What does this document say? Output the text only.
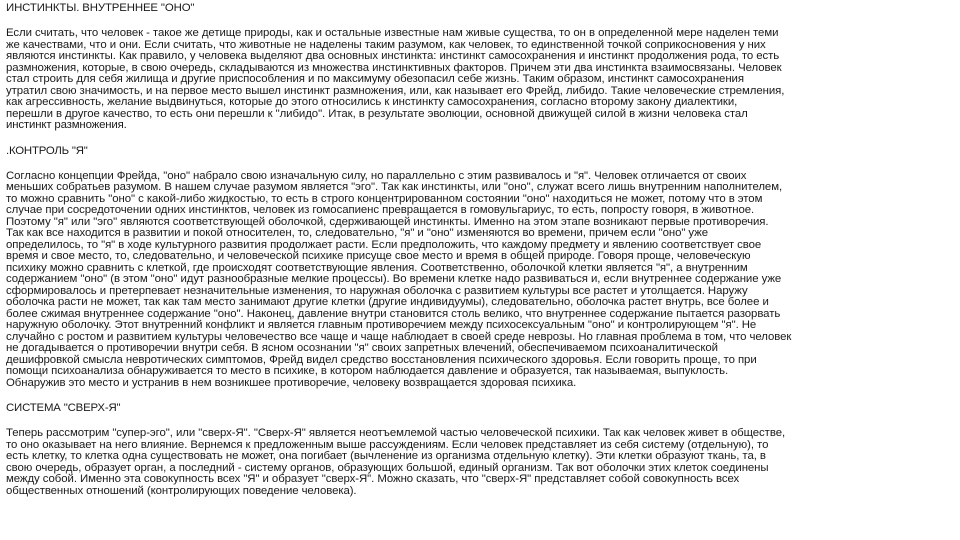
ИНСТИНКТЫ. ВНУТРЕННЕЕ "ОНО"

Если считать, что человек - такое же детище природы, как и остальные известные нам живые существа, то он в определенной мере наделен теми
же качествами, что и они. Если считать, что животные не наделены таким разумом, как человек, то единственной точкой соприкосновения у них
являются инстинкты. Как правило, у человека выделяют два основных инстинкта: инстинкт самосохранения и инстинкт продолжения рода, то есть
размножения, которые, в свою очередь, складываются из множества инстинктивных факторов. Причем эти два инстинкта взаимосвязаны. Человек
стал строить для себя жилища и другие приспособления и по максимуму обезопасил себе жизнь. Таким образом, инстинкт самосохранения
утратил свою значимость, и на первое место вышел инстинкт размножения, или, как называет его Фрейд, либидо. Такие человеческие стремления,
как агрессивность, желание выдвинуться, которые до этого относились к инстинкту самосохранения, согласно второму закону диалектики,
перешли в другое качество, то есть они перешли к "либидо". Итак, в результате эволюции, основной движущей силой в жизни человека стал
инстинкт размножения.

.КОНТРОЛЬ "Я"

Согласно концепции Фрейда, "оно" набрало свою изначальную силу, но параллельно с этим развивалось и "я". Человек отличается от своих
меньших собратьев разумом. В нашем случае разумом является "эго". Так как инстинкты, или "оно", служат всего лишь внутренним наполнителем,
то можно сравнить "оно" с какой-либо жидкостью, то есть в строго концентрированном состоянии "оно" находиться не может, потому что в этом
случае при сосредоточении одних инстинктов, человек из гомосапиенс превращается в гомовульгариус, то есть, попросту говоря, в животное.
Поэтому "я" или "эго" являются соответствующей оболочкой, сдерживающей инстинкты. Именно на этом этапе возникают первые противоречия.
Так как все находится в развитии и покой относителен, то, следовательно, "я" и "оно" изменяются во времени, причем если "оно" уже
определилось, то "я" в ходе культурного развития продолжает расти. Если предположить, что каждому предмету и явлению соответствует свое
время и свое место, то, следовательно, и человеческой психике присуще свое место и время в общей природе. Говоря проще, человеческую
психику можно сравнить с клеткой, где происходят соответствующие явления. Соответственно, оболочкой клетки является "я", а внутренним
содержанием "оно" (в этом "оно" идут разнообразные мелкие процессы). Во времени клетке надо развиваться и, если внутреннее содержание уже
сформировалось и претерпевает незначительные изменения, то наружная оболочка с развитием культуры все растет и утолщается. Наружу
оболочка расти не может, так как там место занимают другие клетки (другие индивидуумы), следовательно, оболочка растет внутрь, все более и
более сжимая внутреннее содержание "оно". Наконец, давление внутри становится столь велико, что внутреннее содержание пытается разорвать
наружную оболочку. Этот внутренний конфликт и является главным противоречием между психосексуальным "оно" и контролирующем "я". Не
случайно с ростом и развитием культуры человечество все чаще и чаще наблюдает в своей среде неврозы. Но главная проблема в том, что человек
не догадывается о противоречии внутри себя. В ясном осознании "я" своих запретных влечений, обеспечиваемом психоаналитической
дешифровкой смысла невротических симптомов, Фрейд видел средство восстановления психического здоровья. Если говорить проще, то при
помощи психоанализа обнаруживается то место в психике, в котором наблюдается давление и образуется, так называемая, выпуклость.
Обнаружив это место и устранив в нем возникшее противоречие, человеку возвращается здоровая психика.

СИСТЕМА "СВЕРХ-Я"

Теперь рассмотрим "супер-эго", или "сверх-Я". "Сверх-Я" является неотъемлемой частью человеческой психики. Так как человек живет в обществе,
то оно оказывает на него влияние. Вернемся к предложенным выше рассуждениям. Если человек представляет из себя систему (отдельную), то
есть клетку, то клетка одна существовать не может, она погибает (вычленение из организма отдельную клетку). Эти клетки образуют ткань, та, в
свою очередь, образует орган, а последний - систему органов, образующих большой, единый организм. Так вот оболочки этих клеток соединены
между собой. Именно эта совокупность всех "Я" и образует "сверх-Я". Можно сказать, что "сверх-Я" представляет собой совокупность всех
общественных отношений (контролирующих поведение человека).
